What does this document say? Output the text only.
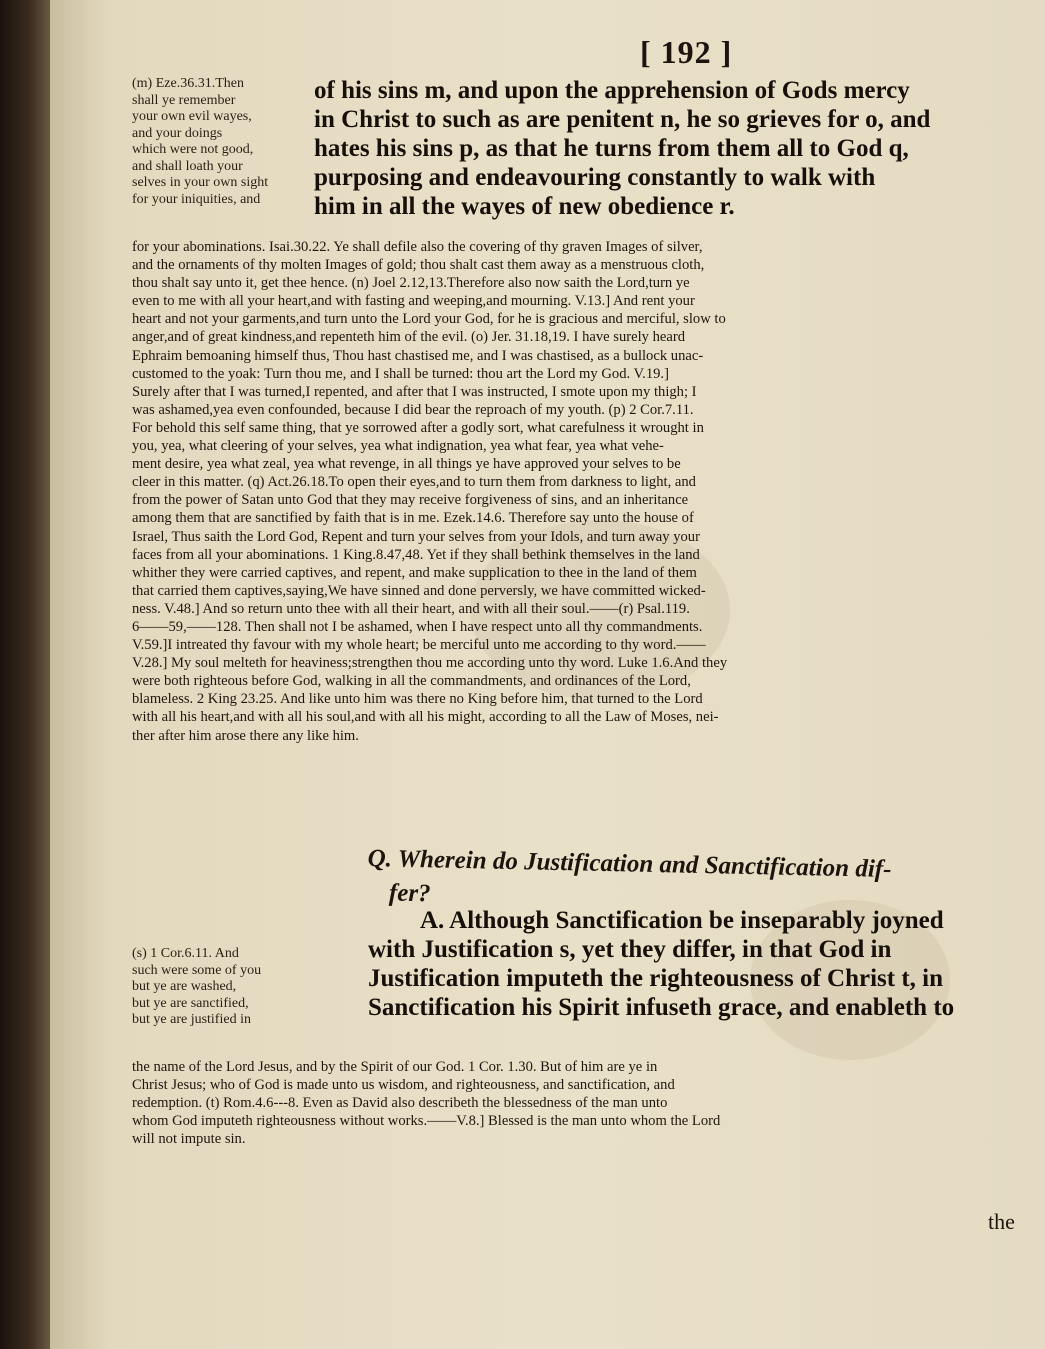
[ 192 ]
(m) Eze.36.31.Then
shall ye remember
your own evil wayes,
and your doings
which were not good,
and shall loath your
selves in your own sight
for your iniquities, and
of his sins m, and upon the apprehension of Gods mercy
in Christ to such as are penitent n, he so grieves for o, and
hates his sins p, as that he turns from them all to God q,
purposing and endeavouring constantly to walk with
him in all the wayes of new obedience r.
for your abominations. Isai.30.22. Ye shall defile also the covering of thy graven Images of silver,
and the ornaments of thy molten Images of gold; thou shalt cast them away as a menstruous cloth,
thou shalt say unto it, get thee hence. (n) Joel 2.12,13.Therefore also now saith the Lord,turn ye
even to me with all your heart,and with fasting and weeping,and mourning. V.13.] And rent your
heart and not your garments,and turn unto the Lord your God, for he is gracious and merciful, slow to
anger,and of great kindness,and repenteth him of the evil. (o) Jer. 31.18,19. I have surely heard
Ephraim bemoaning himself thus, Thou hast chastised me, and I was chastised, as a bullock unac-
customed to the yoak: Turn thou me, and I shall be turned: thou art the Lord my God. V.19.]
Surely after that I was turned,I repented, and after that I was instructed, I smote upon my thigh; I
was ashamed,yea even confounded, because I did bear the reproach of my youth. (p) 2 Cor.7.11.
For behold this self same thing, that ye sorrowed after a godly sort, what carefulness it wrought in
you, yea, what cleering of your selves, yea what indignation, yea what fear, yea what vehe-
ment desire, yea what zeal, yea what revenge, in all things ye have approved your selves to be
cleer in this matter. (q) Act.26.18.To open their eyes,and to turn them from darkness to light, and
from the power of Satan unto God that they may receive forgiveness of sins, and an inheritance
among them that are sanctified by faith that is in me. Ezek.14.6. Therefore say unto the house of
Israel, Thus saith the Lord God, Repent and turn your selves from your Idols, and turn away your
faces from all your abominations. 1 King.8.47,48. Yet if they shall bethink themselves in the land
whither they were carried captives, and repent, and make supplication to thee in the land of them
that carried them captives,saying,We have sinned and done perversly, we have committed wicked-
ness. V.48.] And so return unto thee with all their heart, and with all their soul.——(r) Psal.119.
6——59,——128. Then shall not I be ashamed, when I have respect unto all thy commandments.
V.59.]I intreated thy favour with my whole heart; be merciful unto me according to thy word.——
V.28.] My soul melteth for heaviness;strengthen thou me according unto thy word. Luke 1.6.And they
were both righteous before God, walking in all the commandments, and ordinances of the Lord,
blameless. 2 King 23.25. And like unto him was there no King before him, that turned to the Lord
with all his heart,and with all his soul,and with all his might, according to all the Law of Moses, nei-
ther after him arose there any like him.
Q. Wherein do Justification and Sanctification dif-
fer?
A. Although Sanctification be inseparably joyned
with Justification s, yet they differ, in that God in
Justification imputeth the righteousness of Christ t, in
Sanctification his Spirit infuseth grace, and enableth to
(s) 1 Cor.6.11. And
such were some of you
but ye are washed,
but ye are sanctified,
but ye are justified in
the name of the Lord Jesus, and by the Spirit of our God. 1 Cor. 1.30. But of him are ye in
Christ Jesus; who of God is made unto us wisdom, and righteousness, and sanctification, and
redemption. (t) Rom.4.6---8. Even as David also describeth the blessedness of the man unto
whom God imputeth righteousness without works.——V.8.] Blessed is the man unto whom the Lord
will not impute sin.
the
